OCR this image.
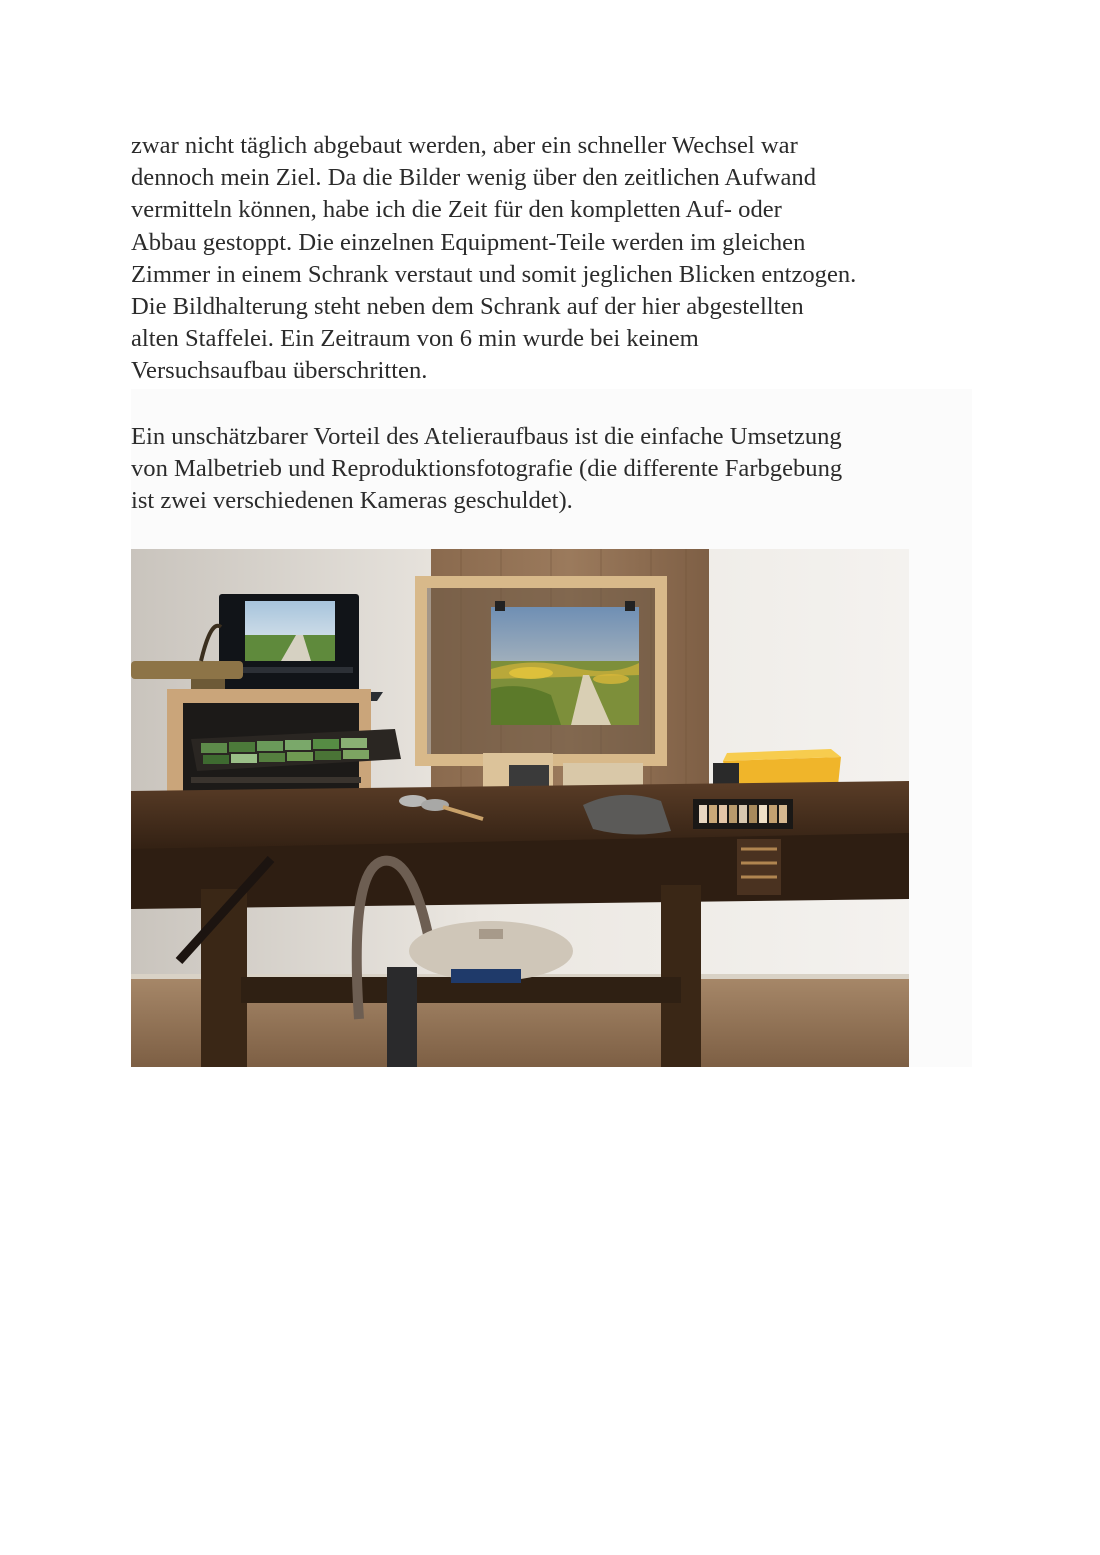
zwar nicht täglich abgebaut werden, aber ein schneller Wechsel war
dennoch mein Ziel. Da die Bilder wenig über den zeitlichen Aufwand
vermitteln können, habe ich die Zeit für den kompletten Auf- oder
Abbau gestoppt. Die einzelnen Equipment-Teile werden im gleichen
Zimmer in einem Schrank verstaut und somit jeglichen Blicken entzogen.
Die Bildhalterung steht neben dem Schrank auf der hier abgestellten
alten Staffelei. Ein Zeitraum von 6 min wurde bei keinem
Versuchsaufbau überschritten.
Ein unschätzbarer Vorteil des Atelieraufbaus ist die einfache Umsetzung
von Malbetrieb und Reproduktionsfotografie (die differente Farbgebung
ist zwei verschiedenen Kameras geschuldet).
